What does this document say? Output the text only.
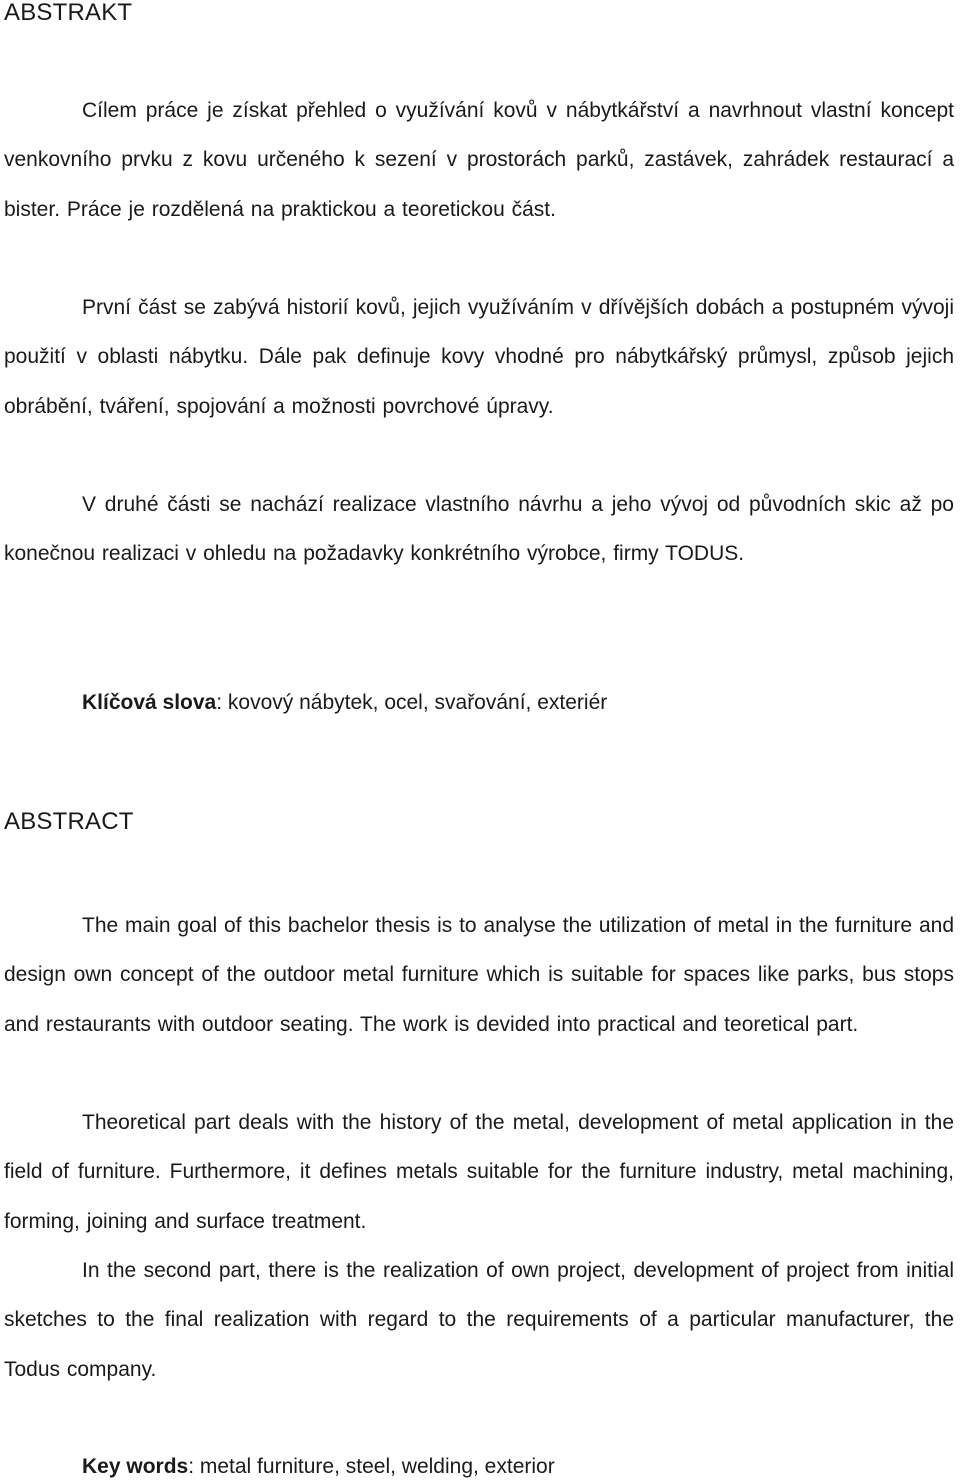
ABSTRAKT

Cílem práce je získat přehled o využívání kovů v nábytkářství a navrhnout vlastní koncept venkovního prvku z kovu určeného k sezení v prostorách parků, zastávek, zahrádek restaurací a bister. Práce je rozdělená na praktickou a teoretickou část.

První část se zabývá historií kovů, jejich využíváním v dřívějších dobách a postupném vývoji použití v oblasti nábytku. Dále pak definuje kovy vhodné pro nábytkářský průmysl, způsob jejich obrábění, tváření, spojování a možnosti povrchové úpravy.

V druhé části se nachází realizace vlastního návrhu a jeho vývoj od původních skic až po konečnou realizaci v ohledu na požadavky konkrétního výrobce, firmy TODUS.

Klíčová slova: kovový nábytek, ocel, svařování, exteriér
ABSTRACT

The main goal of this bachelor thesis is to analyse the utilization of metal in the furniture and design own concept of the outdoor metal furniture which is suitable for spaces like parks, bus stops and restaurants with outdoor seating. The work is devided into practical and teoretical part.

Theoretical part deals with the history of the metal, development of metal application in the field of furniture. Furthermore, it defines metals suitable for the furniture industry, metal machining, forming, joining and surface treatment.

In the second part, there is the realization of own project, development of project from initial sketches to the final realization with regard to the requirements of a particular manufacturer, the Todus company.

Key words: metal furniture, steel, welding, exterior
